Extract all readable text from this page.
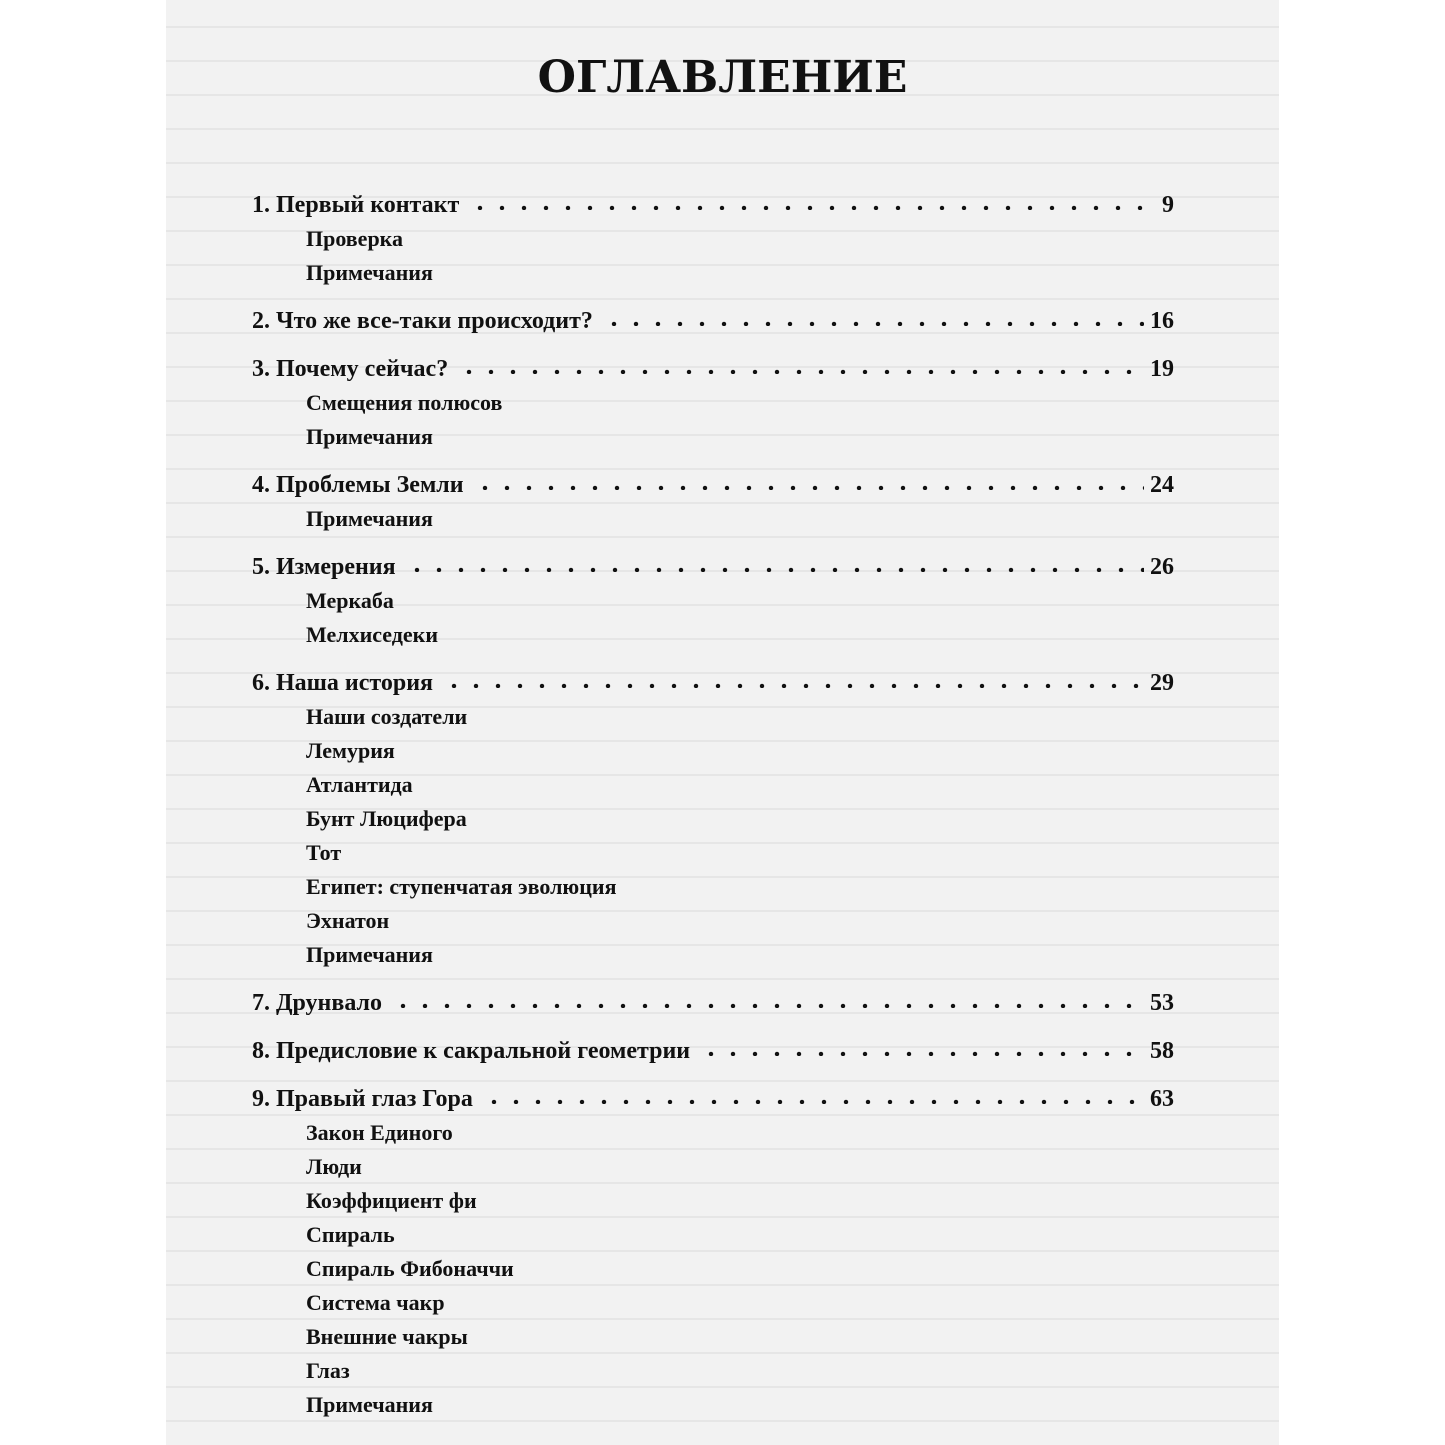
ОГЛАВЛЕНИЕ
1. Первый контакт	9
Проверка
Примечания
2. Что же все-таки происходит?	16
3. Почему сейчас?	19
Смещения полюсов
Примечания
4. Проблемы Земли	24
Примечания
5. Измерения	26
Меркаба
Мелхиседеки
6. Наша история	29
Наши создатели
Лемурия
Атлантида
Бунт Люцифера
Тот
Египет: ступенчатая эволюция
Эхнатон
Примечания
7. Друнвало	53
8. Предисловие к сакральной геометрии	58
9. Правый глаз Гора	63
Закон Единого
Люди
Коэффициент фи
Спираль
Спираль Фибоначчи
Система чакр
Внешние чакры
Глаз
Примечания
